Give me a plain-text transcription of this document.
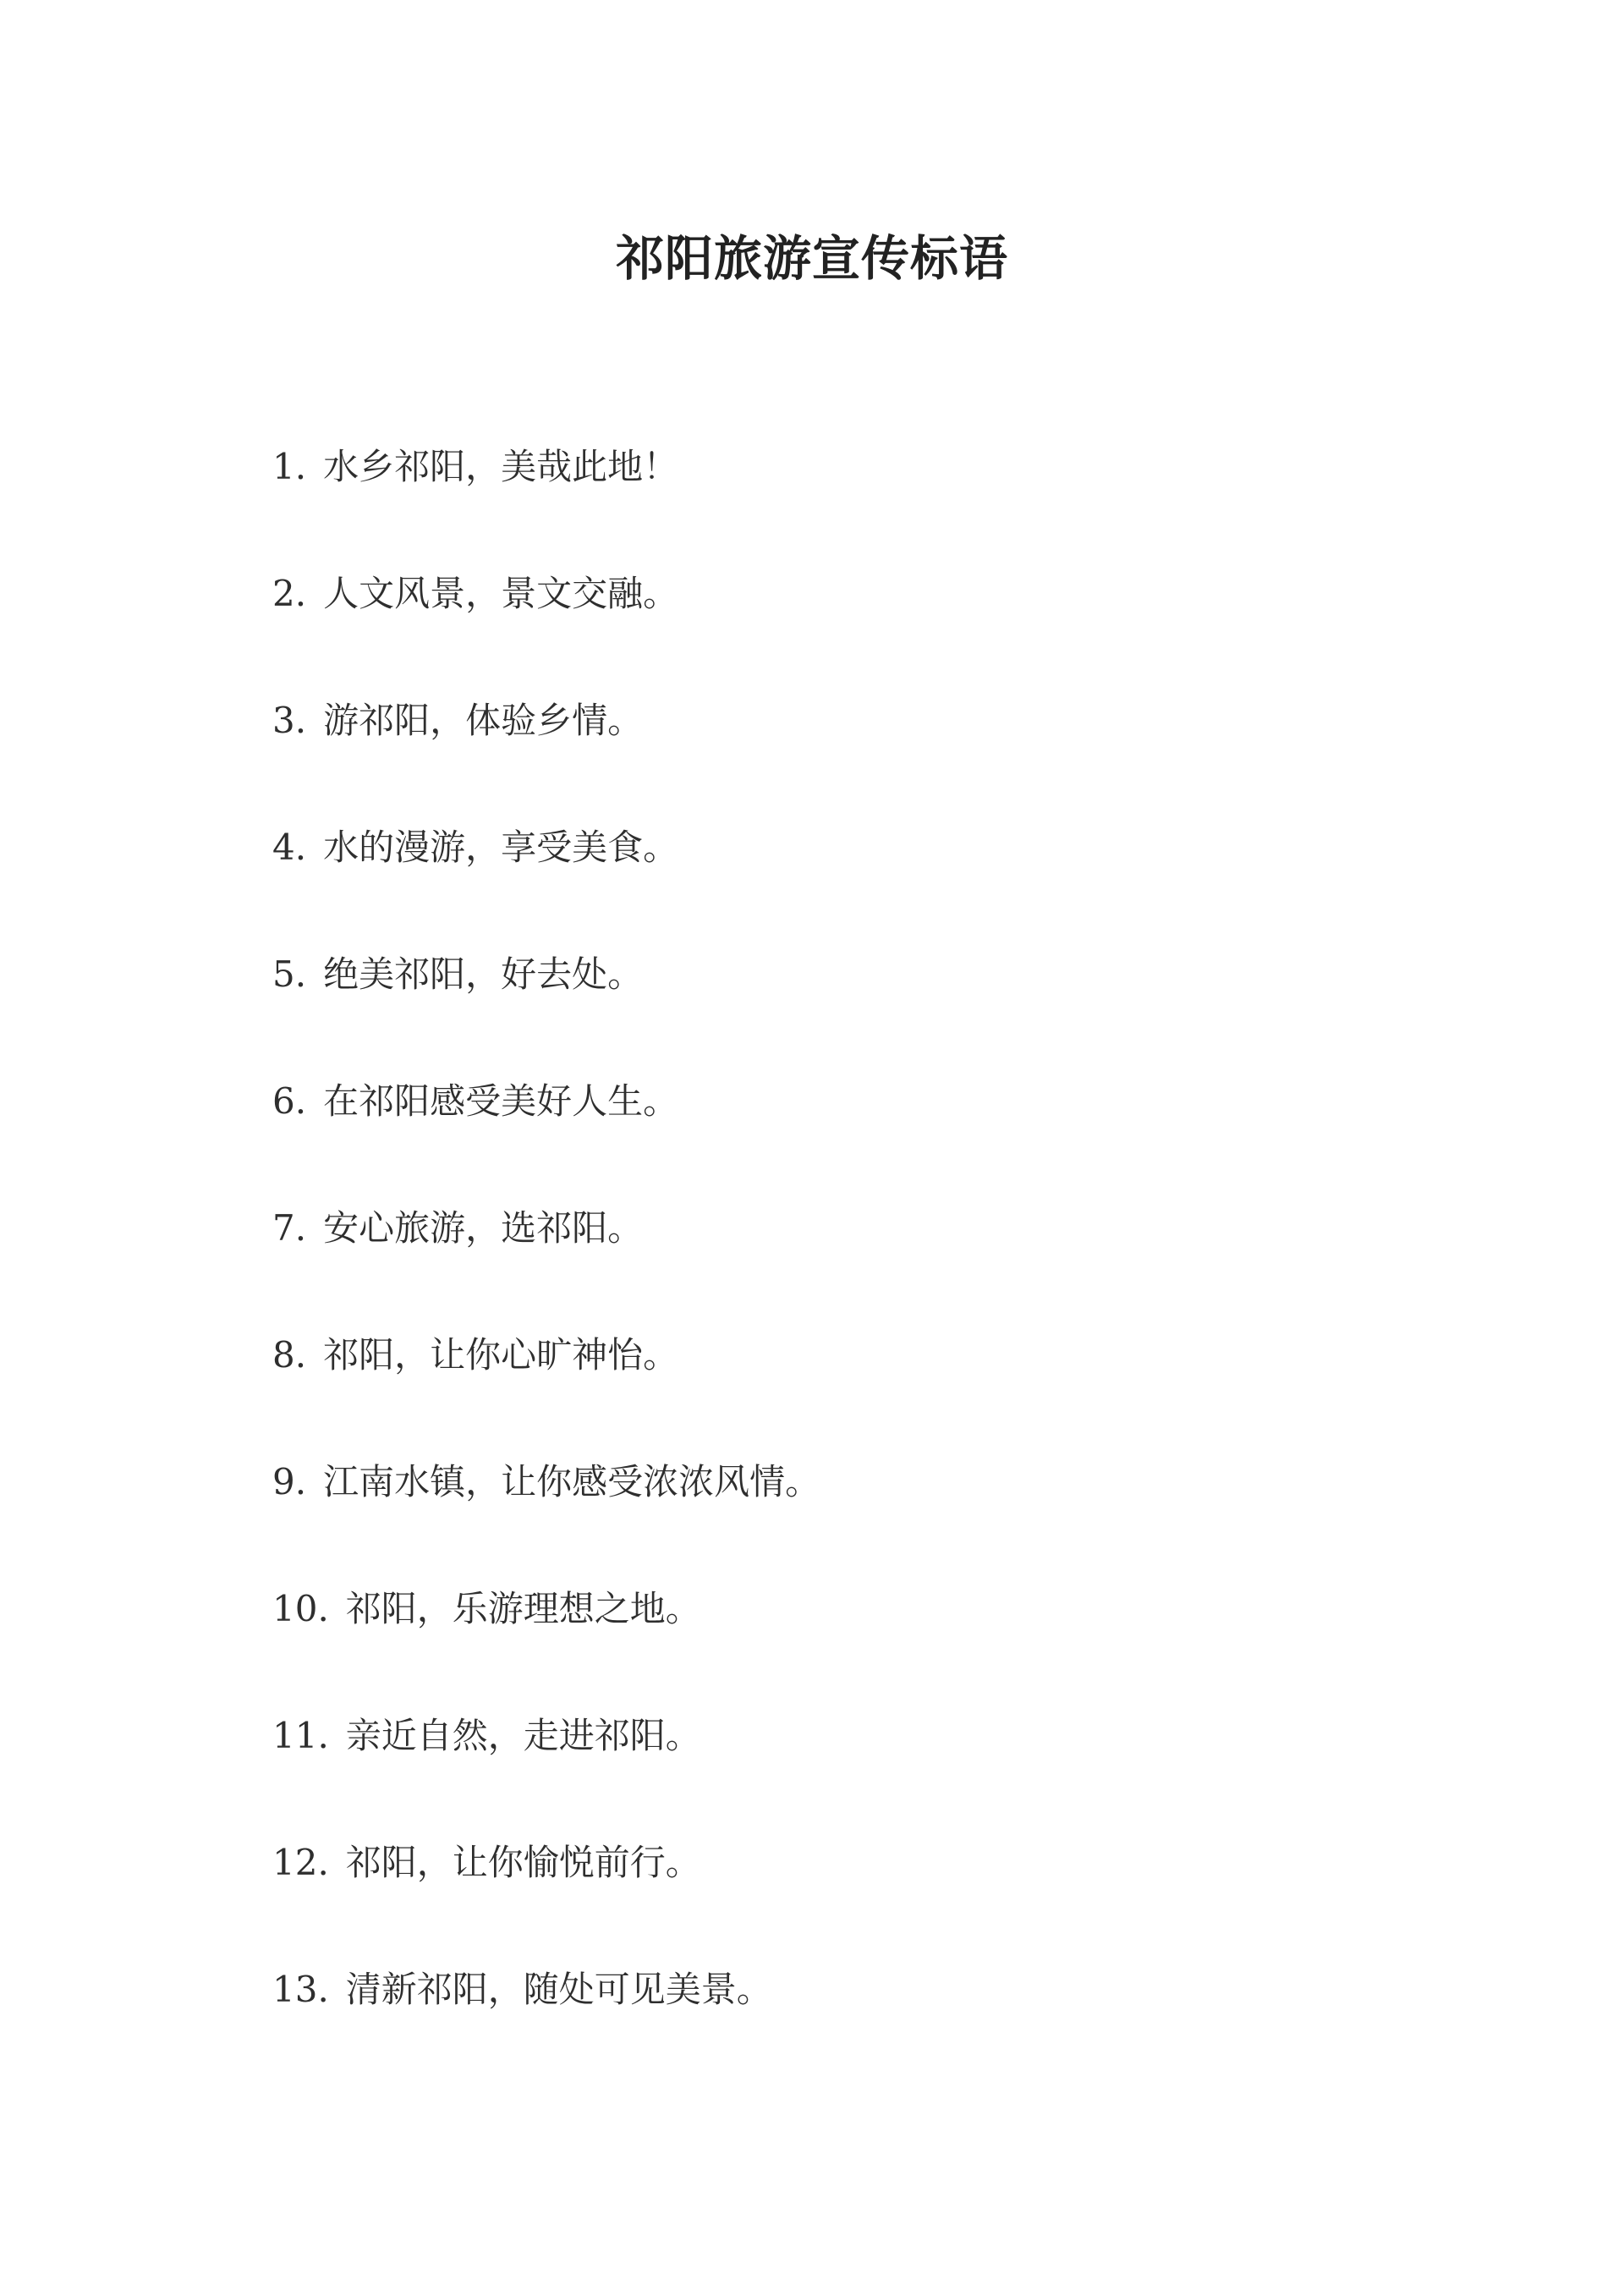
祁阳旅游宣传标语
1. 水乡祁阳，美哉此地！
2. 人文风景，景文交融。
3. 游祁阳，体验乡情。
4. 水的漫游，享受美食。
5. 绝美祁阳，好去处。
6. 在祁阳感受美好人生。
7. 安心旅游，选祁阳。
8. 祁阳，让你心旷神怡。
9. 江南水镇，让你感受浓浓风情。
10. 祁阳，乐游理想之地。
11. 亲近自然，走进祁阳。
12. 祁阳，让你愉悦前行。
13. 清新祁阳，随处可见美景。
